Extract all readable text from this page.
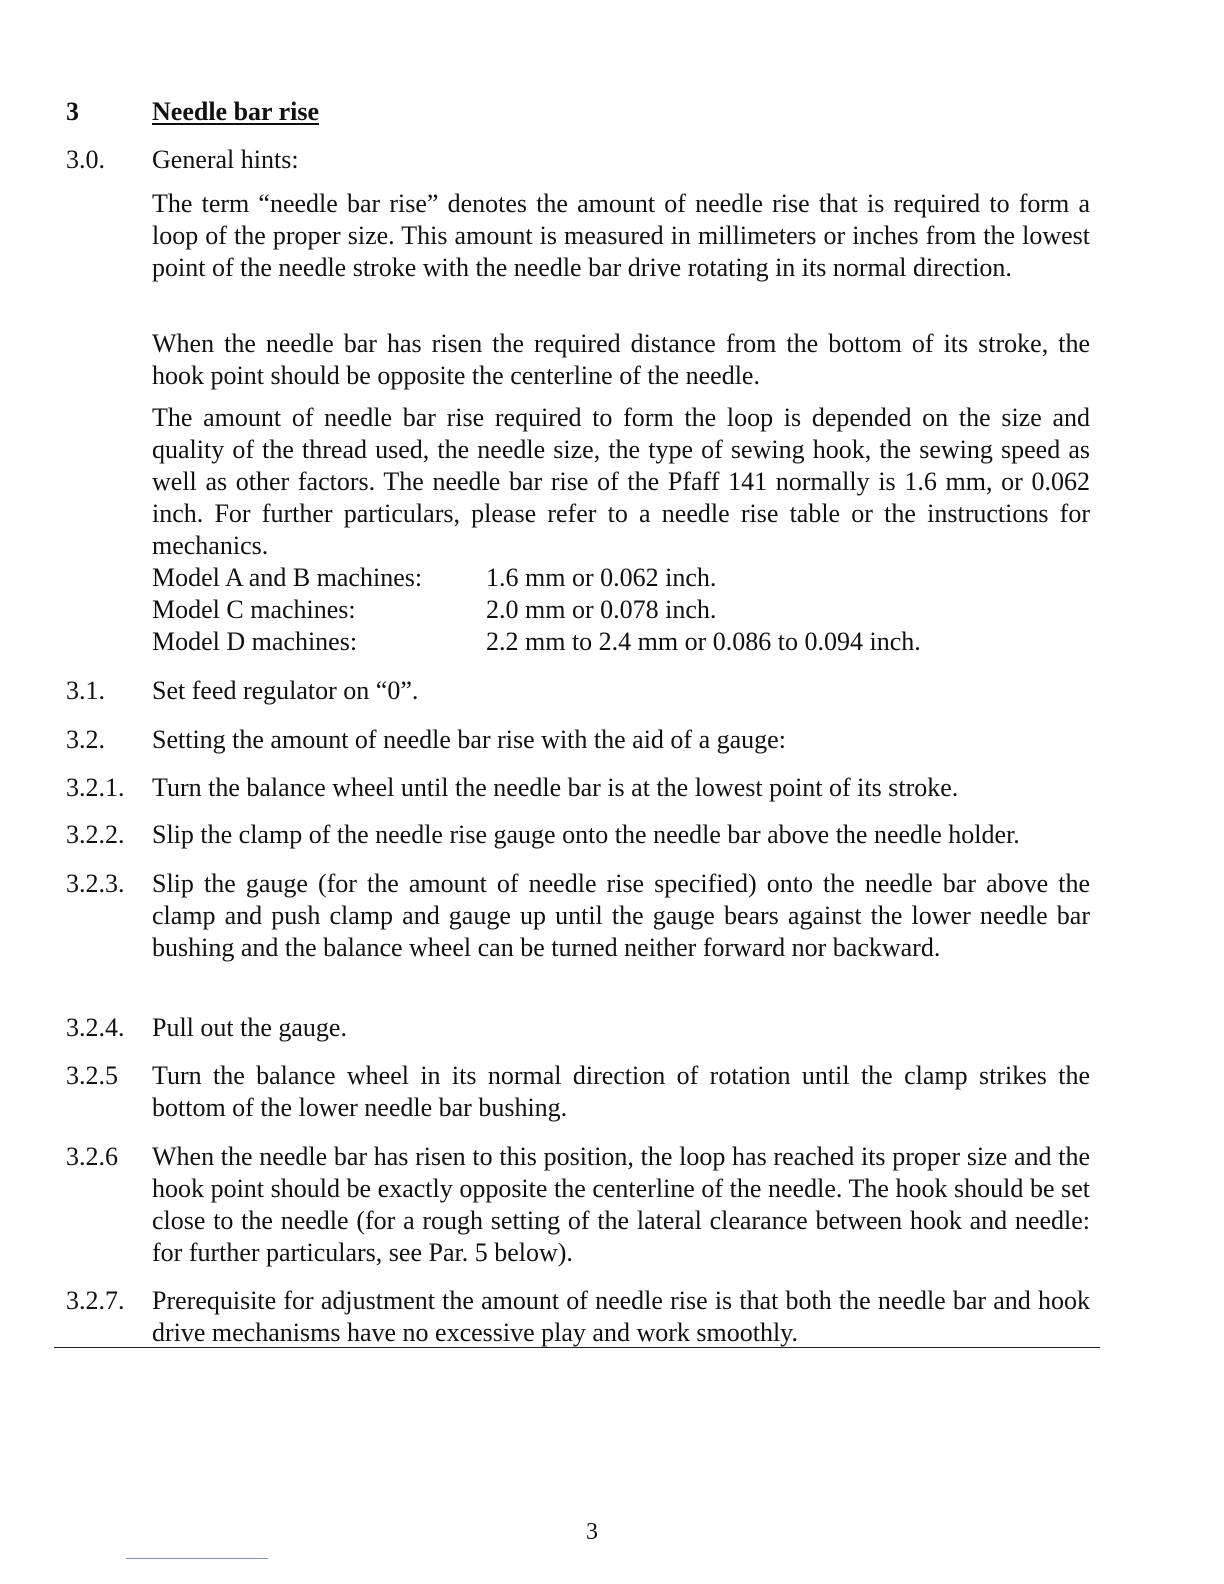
3	Needle bar rise
3.0. General hints:

The term “needle bar rise” denotes the amount of needle rise that is required to form a loop of the proper size. This amount is measured in millimeters or inches from the lowest point of the needle stroke with the needle bar drive rotating in its normal direction.

When the needle bar has risen the required distance from the bottom of its stroke, the hook point should be opposite the centerline of the needle.

The amount of needle bar rise required to form the loop is depended on the size and quality of the thread used, the needle size, the type of sewing hook, the sewing speed as well as other factors. The needle bar rise of the Pfaff 141 normally is 1.6 mm, or 0.062 inch. For further particulars, please refer to a needle rise table or the instructions for mechanics.

Model A and B machines: 1.6 mm or 0.062 inch.
Model C machines:	2.0 mm or 0.078 inch.
Model D machines:	2.2 mm to 2.4 mm or 0.086 to 0.094 inch.
3.1. Set feed regulator on “0”.

3.2. Setting the amount of needle bar rise with the aid of a gauge:

3.2.1. Turn the balance wheel until the needle bar is at the lowest point of its stroke.

3.2.2. Slip the clamp of the needle rise gauge onto the needle bar above the needle holder.

3.2.3. Slip the gauge (for the amount of needle rise specified) onto the needle bar above the clamp and push clamp and gauge up until the gauge bears against the lower needle bar bushing and the balance wheel can be turned neither forward nor backward.

3.2.4. Pull out the gauge.

3.2.5 Turn the balance wheel in its normal direction of rotation until the clamp strikes the bottom of the lower needle bar bushing.

3.2.6 When the needle bar has risen to this position, the loop has reached its proper size and the hook point should be exactly opposite the centerline of the needle. The hook should be set close to the needle (for a rough setting of the lateral clearance between hook and needle: for further particulars, see Par. 5 below).

3.2.7. Prerequisite for adjustment the amount of needle rise is that both the needle bar and hook drive mechanisms have no excessive play and work smoothly.

3
